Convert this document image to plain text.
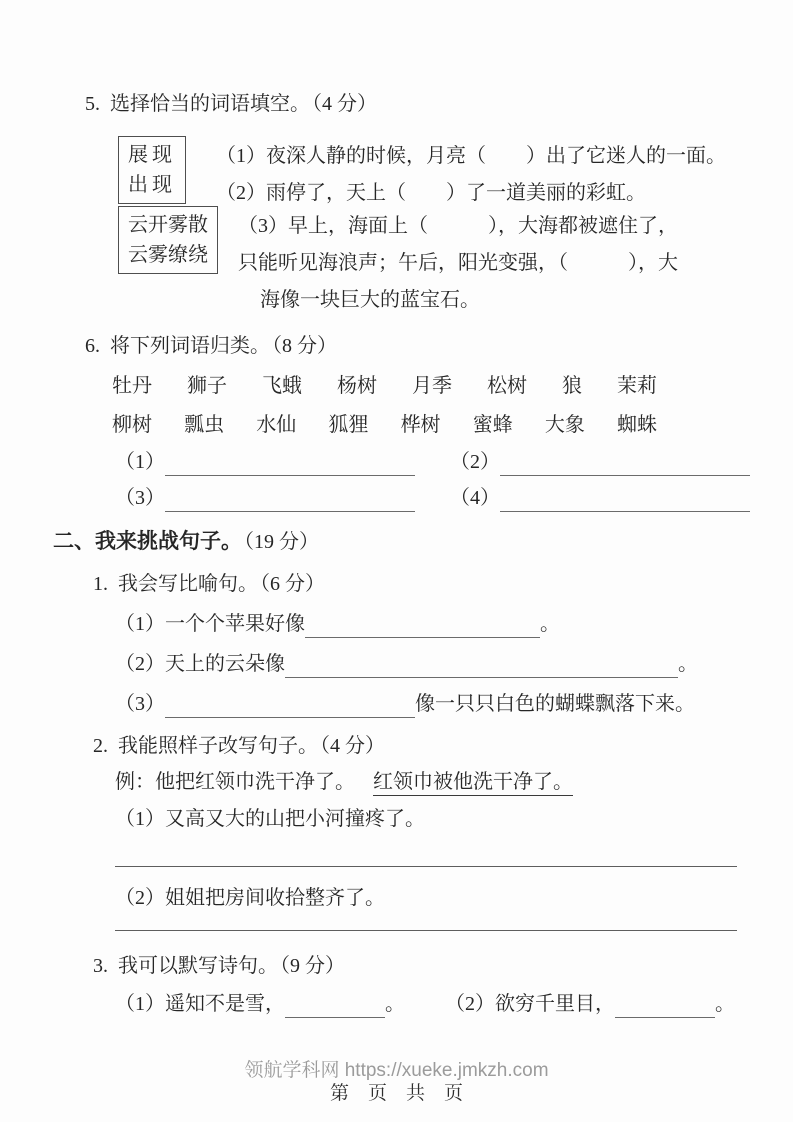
5. 选择恰当的词语填空。 （4 分）
展现
出现
（1）夜深人静的时候，月亮（　　）出了它迷人的一面。
（2）雨停了，天上（　　）了一道美丽的彩虹。
云开雾散
云雾缭绕
（3）早上，海面上（　　　），大海都被遮住了，
只能听见海浪声；午后，阳光变强，（　　　），大
海像一块巨大的蓝宝石。
6. 将下列词语归类。 （8 分）
牡丹 狮子 飞蛾 杨树 月季 松树 狼 茉莉
柳树 瓢虫 水仙 狐狸 桦树 蜜蜂 大象 蜘蛛
（1）	（2）
（3）	（4）
二、我来挑战句子。 （19 分）
1. 我会写比喻句。 （6 分）
（1）一个个苹果好像	。
（2）天上的云朵像	。
（3）	像一只只白色的蝴蝶飘落下来。
2. 我能照样子改写句子。 （4 分）
例：他把红领巾洗干净了。 红领巾被他洗干净了。
（1）又高又大的山把小河撞疼了。
（2）姐姐把房间收拾整齐了。
3. 我可以默写诗句。 （9 分）
（1）遥知不是雪，	。 （2）欲穷千里目，	。
领航学科网 https://xueke.jmkzh.com
第　页　共　页
